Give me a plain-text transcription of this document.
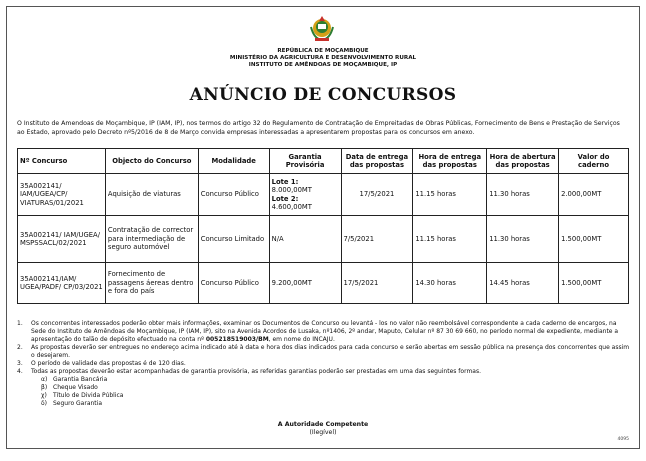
REPÚBLICA DE MOÇAMBIQUE
MINISTÉRIO DA AGRICULTURA E DESENVOLVIMENTO RURAL
INSTITUTO DE AMÊNDOAS DE MOÇAMBIQUE, IP
ANÚNCIO DE CONCURSOS
O Instituto de Amendoas de Moçambique, IP (IAM, IP), nos termos do artigo 32 do Regulamento de Contratação de Empreitadas de Obras Públicas, Fornecimento de Bens e Prestação de Serviços ao Estado, aprovado pelo Decreto nº5/2016 de 8 de Março convida empresas interessadas a apresentarem propostas para os concursos em anexo.
Nº Concurso	Objecto do Concurso	Modalidade	Garantia Provisória	Data de entrega das propostas	Hora de entrega das propostas	Hora de abertura das propostas	Valor do caderno
35A002141/ IAM/UGEA/CP/ VIATURAS/01/2021	Aquisição de viaturas	Concurso Público	Lote 1:
8.000,00MT
Lote 2:
4.600,00MT	17/5/2021	11.15 horas	11.30 horas	2.000,00MT
35A002141/ IAM/UGEA/ MSPSSACL/02/2021	Contratação de corrector para intermediação de seguro automóvel	Concurso Limitado	N/A	7/5/2021	11.15 horas	11.30 horas	1.500,00MT
35A002141/IAM/ UGEA/PADF/ CP/03/2021	Fornecimento de passagens áereas dentro e fora do país	Concurso Público	9.200,00MT	17/5/2021	14.30 horas	14.45 horas	1.500,00MT
1. Os concorrentes interessados poderão obter mais informações, examinar os Documentos de Concurso ou levantá - los no valor não reembolsável correspondente a cada caderno de encargos, na Sede do Instituto de Amêndoas de Moçambique, IP (IAM, IP), sito na Avenida Acordos de Lusaka, nº1406, 2º andar, Maputo, Celular nº 87 30 69 660, no período normal de expediente, mediante a apresentação do talão de depósito efectuado na conta nº 005218519003/BM, em nome do INCAJU.
2. As propostas deverão ser entregues no endereço acima indicado até à data e hora dos dias indicados para cada concurso e serão abertas em sessão pública na presença dos concorrentes que assim o desejarem.
3. O período de validade das propostas é de 120 dias.
4. Todas as propostas deverão estar acompanhadas de garantia provisória, as referidas garantias poderão ser prestadas em uma das seguintes formas.
α) Garantia Bancária
β) Cheque Visado
χ) Título de Divida Pública
δ) Seguro Garantia
A Autoridade Competente
(Ilegível)
4095
